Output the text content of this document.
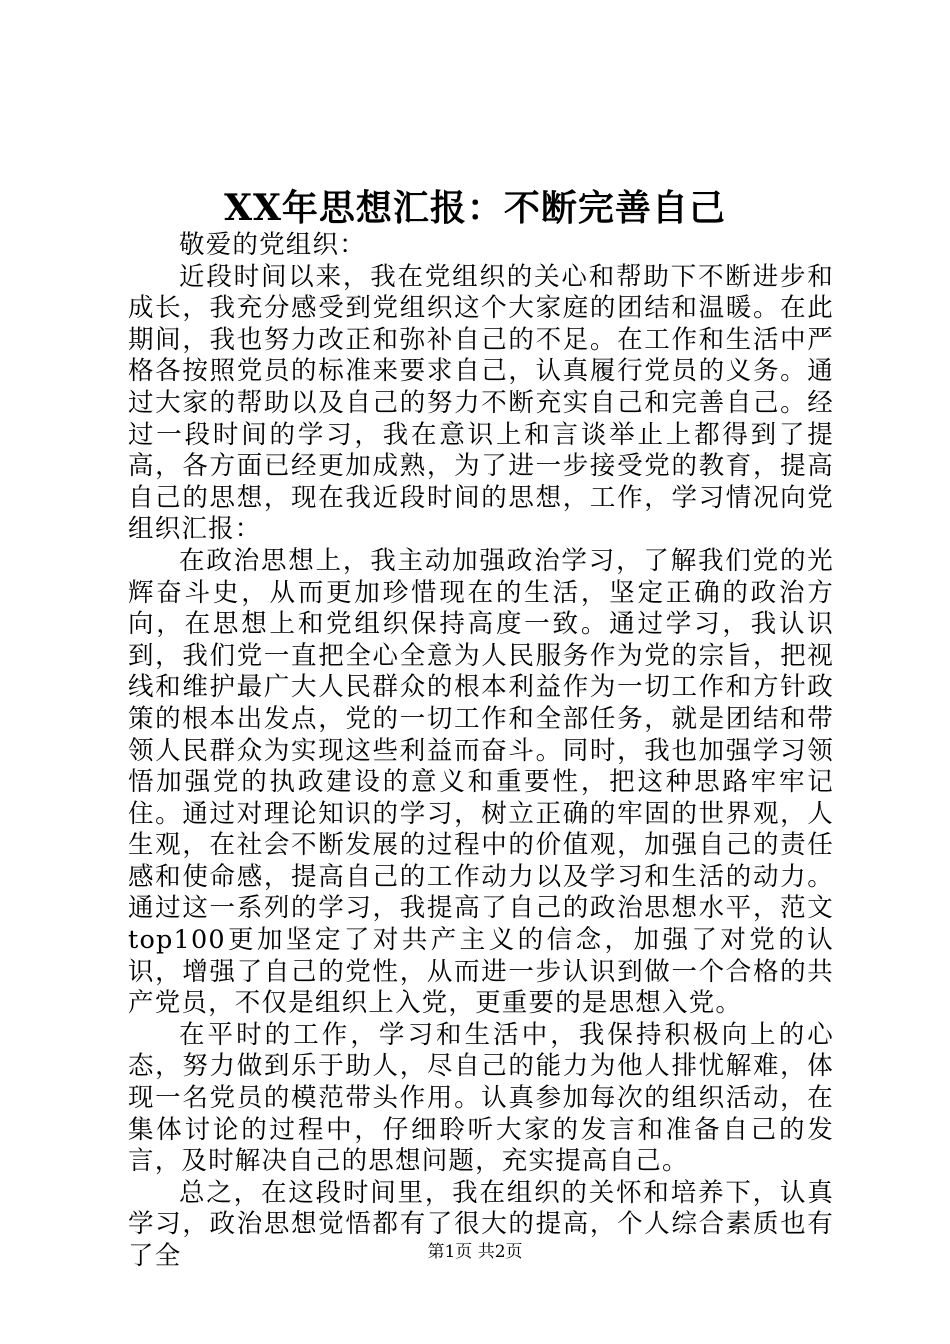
XX年思想汇报：不断完善自己

敬爱的党组织：

近段时间以来，我在党组织的关心和帮助下不断进步和成长，我充分感受到党组织这个大家庭的团结和温暖。在此期间，我也努力改正和弥补自己的不足。在工作和生活中严格各按照党员的标准来要求自己，认真履行党员的义务。通过大家的帮助以及自己的努力不断充实自己和完善自己。经过一段时间的学习，我在意识上和言谈举止上都得到了提高，各方面已经更加成熟，为了进一步接受党的教育，提高自己的思想，现在我近段时间的思想，工作，学习情况向党组织汇报：

在政治思想上，我主动加强政治学习，了解我们党的光辉奋斗史，从而更加珍惜现在的生活，坚定正确的政治方向，在思想上和党组织保持高度一致。通过学习，我认识到，我们党一直把全心全意为人民服务作为党的宗旨，把视线和维护最广大人民群众的根本利益作为一切工作和方针政策的根本出发点，党的一切工作和全部任务，就是团结和带领人民群众为实现这些利益而奋斗。同时，我也加强学习领悟加强党的执政建设的意义和重要性，把这种思路牢牢记住。通过对理论知识的学习，树立正确的牢固的世界观，人生观，在社会不断发展的过程中的价值观，加强自己的责任感和使命感，提高自己的工作动力以及学习和生活的动力。通过这一系列的学习，我提高了自己的政治思想水平，范文top100更加坚定了对共产主义的信念，加强了对党的认识，增强了自己的党性，从而进一步认识到做一个合格的共产党员，不仅是组织上入党，更重要的是思想入党。

在平时的工作，学习和生活中，我保持积极向上的心态，努力做到乐于助人，尽自己的能力为他人排忧解难，体现一名党员的模范带头作用。认真参加每次的组织活动，在集体讨论的过程中，仔细聆听大家的发言和准备自己的发言，及时解决自己的思想问题，充实提高自己。

总之，在这段时间里，我在组织的关怀和培养下，认真学习，政治思想觉悟都有了很大的提高，个人综合素质也有了全	第1页 共2页
